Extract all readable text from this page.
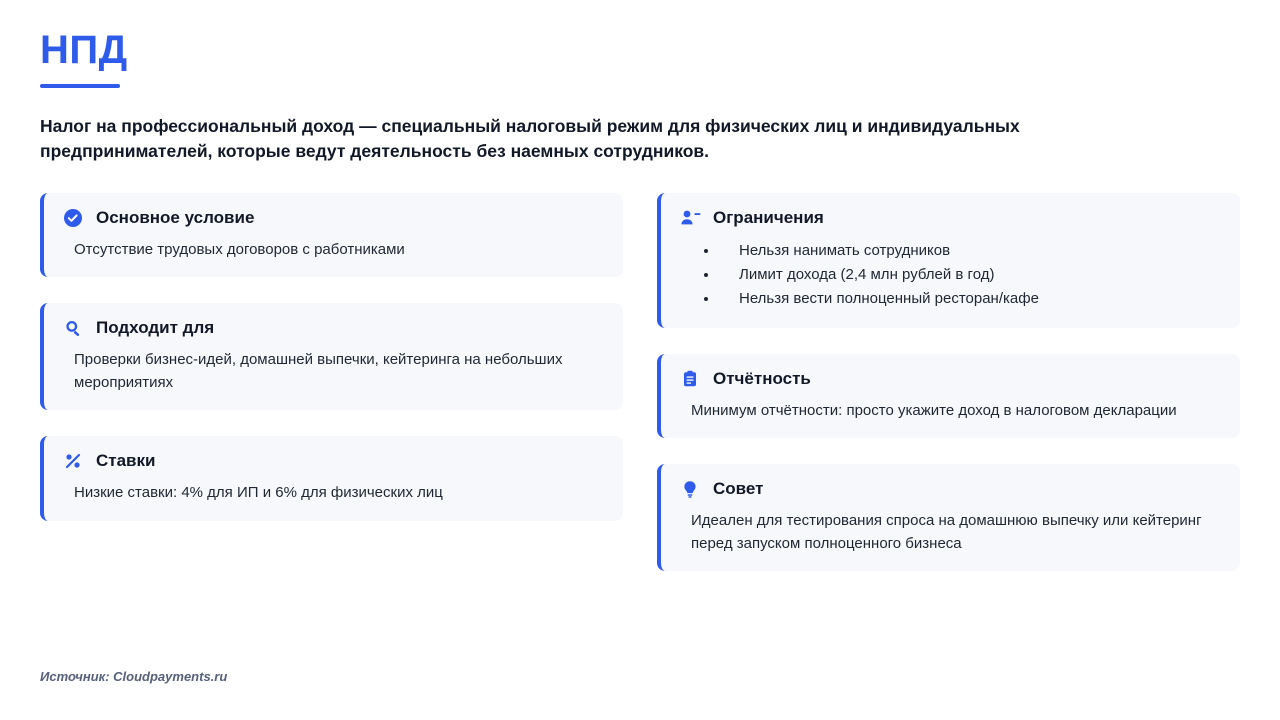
НПД
Налог на профессиональный доход — специальный налоговый режим для физических лиц и индивидуальных предпринимателей, которые ведут деятельность без наемных сотрудников.
Основное условие
Отсутствие трудовых договоров с работниками
Подходит для
Проверки бизнес-идей, домашней выпечки, кейтеринга на небольших мероприятиях
Ставки
Низкие ставки: 4% для ИП и 6% для физических лиц
Ограничения
• Нельзя нанимать сотрудников
• Лимит дохода (2,4 млн рублей в год)
• Нельзя вести полноценный ресторан/кафе
Отчётность
Минимум отчётности: просто укажите доход в налоговом декларации
Совет
Идеален для тестирования спроса на домашнюю выпечку или кейтеринг перед запуском полноценного бизнеса
Источник: Cloudpayments.ru
